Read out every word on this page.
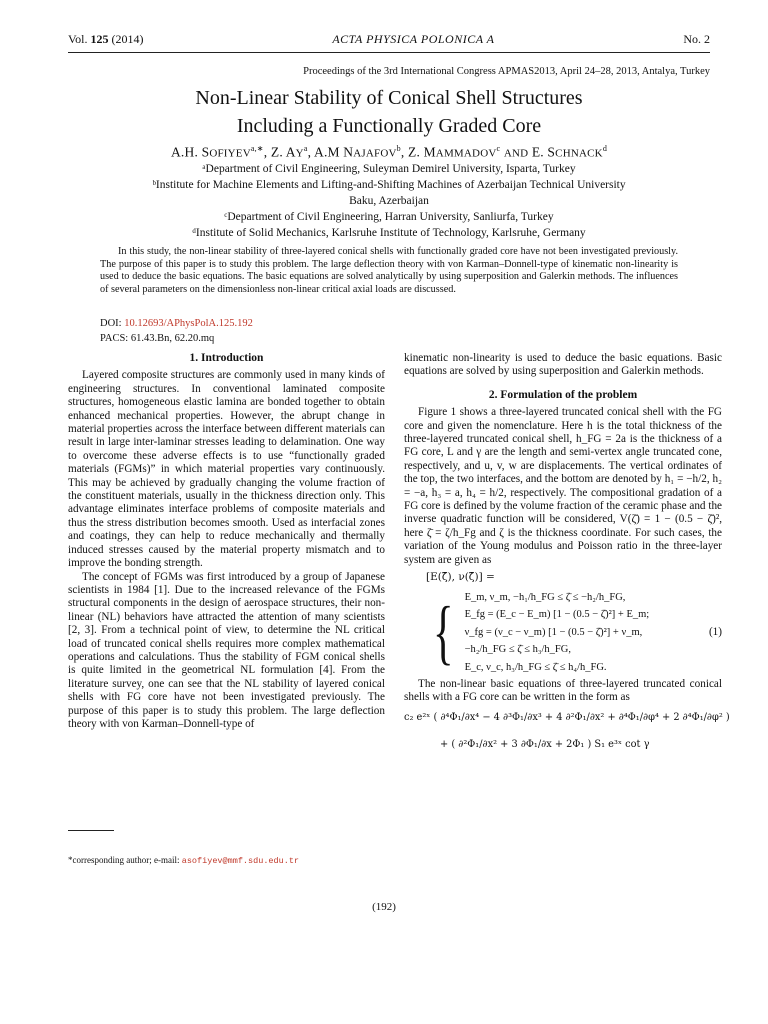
Vol. 125 (2014)	ACTA PHYSICA POLONICA A	No. 2
Proceedings of the 3rd International Congress APMAS2013, April 24–28, 2013, Antalya, Turkey
Non-Linear Stability of Conical Shell Structures
Including a Functionally Graded Core
A.H. $SOFIYEV^{a,∗}$, Z. $AY^a$, A.M NAJAFOV$^b$, Z. MAMMADOV$^c$ AND E. SCHNACK$^d$
ᵃDepartment of Civil Engineering, Suleyman Demirel University, Isparta, Turkey
ᵇInstitute for Machine Elements and Lifting-and-Shifting Machines of Azerbaijan Technical University
Baku, Azerbaijan
ᶜDepartment of Civil Engineering, Harran University, Sanliurfa, Turkey
ᵈInstitute of Solid Mechanics, Karlsruhe Institute of Technology, Karlsruhe, Germany
In this study, the non-linear stability of three-layered conical shells with functionally graded core have not been investigated previously. The purpose of this paper is to study this problem. The large deflection theory with von Karman–Donnell-type of kinematic non-linearity is used to deduce the basic equations. The basic equations are solved analytically by using superposition and Galerkin methods. The influences of several parameters on the dimensionless non-linear critical axial loads are discussed.
DOI: 10.12693/APhysPolA.125.192
PACS: 61.43.Bn, 62.20.mq
1. Introduction

Layered composite structures are commonly used in many kinds of engineering structures. In conventional laminated composite structures, homogeneous elastic lamina are bonded together to obtain enhanced mechanical properties. However, the abrupt change in material properties across the interface between different materials can result in large inter-laminar stresses leading to delamination. One way to overcome these adverse effects is to use “functionally graded materials (FGMs)” in which material properties vary continuously. This may be achieved by gradually changing the volume fraction of the constituent materials, usually in the thickness direction only. This advantage eliminates interface problems of composite materials and thus the stress distribution becomes smooth. Used as interfacial zones and coatings, they can help to reduce mechanically and thermally induced stresses caused by the material property mismatch and to improve the bonding strength.

The concept of FGMs was first introduced by a group of Japanese scientists in 1984 [1]. Due to the increased relevance of the FGMs structural components in the design of aerospace structures, their non-linear (NL) behaviors have attracted the attention of many scientists [2, 3]. From a technical point of view, to determine the NL critical load of truncated conical shells requires more complex mathematical operations and calculations. Thus the stability of FGM conical shells is quite limited in the geometrical NL formulation [4]. From the literature survey, one can see that the NL stability of layered conical shells with FG core have not been investigated previously. The purpose of this paper is to study this problem. The large deflection theory with von Karman–Donnell-type of

kinematic non-linearity is used to deduce the basic equations. Basic equations are solved by using superposition and Galerkin methods.

2. Formulation of the problem

Figure 1 shows a three-layered truncated conical shell with the FG core and given the nomenclature. Here h is the total thickness of the three-layered truncated conical shell, h_FG = 2a is the thickness of a FG core, L and γ are the length and semi-vertex angle truncated cone, respectively, and u, v, w are displacements. The vertical ordinates of the top, the two interfaces, and the bottom are denoted by h₁ = −h/2, h₂ = −a, h₃ = a, h₄ = h/2, respectively. The compositional gradation of a FG core is defined by the volume fraction of the ceramic phase and the inverse quadratic function will be considered, V(ζ̄) = 1 − (0.5 − ζ̄)², here ζ̄ = ζ/h_Fg and ζ is the thickness coordinate. For such cases, the variation of the Young modulus and Poisson ratio in the three-layer system are given as

[E(ζ̄), ν(ζ̄)] =
{ E_m, ν_m, −h₁/h_FG ≤ ζ̄ ≤ −h₂/h_FG,
E_fg = (E_c − E_m) [1 − (0.5 − ζ̄)²] + E_m;
ν_fg = (ν_c − ν_m) [1 − (0.5 − ζ̄)²] + ν_m,
−h₂/h_FG ≤ ζ̄ ≤ h₃/h_FG,
E_c, ν_c, h₃/h_FG ≤ ζ̄ ≤ h₄/h_FG.
(1)

The non-linear basic equations of three-layered truncated conical shells with a FG core can be written in the form as

c₂ e²ˣ ( ∂⁴Φ₁/∂x⁴ − 4 ∂³Φ₁/∂x³ + 4 ∂²Φ₁/∂x² + ∂⁴Φ₁/∂φ⁴ + 2 ∂⁴Φ₁/∂φ² )
+ ( ∂²Φ₁/∂x² + 3 ∂Φ₁/∂x + 2Φ₁ ) S₁ e³ˣ cot γ
*corresponding author; e-mail: asofiyev@mmf.sdu.edu.tr
(192)
